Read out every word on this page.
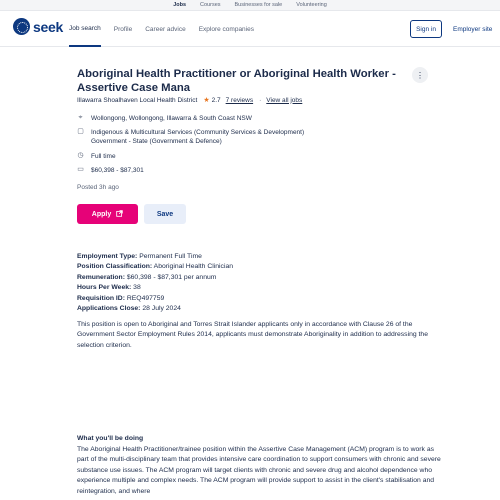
Jobs	Courses	Businesses for sale	Volunteering
seek Job search Profile Career advice Explore companies	Sign in	Employer site
Aboriginal Health Practitioner or Aboriginal Health Worker - Assertive Case Mana
⋮
Illawarra Shoalhaven Local Health District ★ 2.7 7 reviews · View all jobs
⌖ Wollongong, Wollongong, Illawarra & South Coast NSW
▢ Indigenous & Multicultural Services (Community Services & Development)
Government - State (Government & Defence)
◷ Full time
▭ $60,398 - $87,301
Posted 3h ago
Apply	Save
Employment Type: Permanent Full Time
Position Classification: Aboriginal Health Clinician
Remuneration: $60,398 - $87,301 per annum
Hours Per Week: 38
Requisition ID: REQ497759
Applications Close: 28 July 2024

This position is open to Aboriginal and Torres Strait Islander applicants only in accordance with Clause 26 of the Government Sector Employment Rules 2014, applicants must demonstrate Aboriginality in addition to addressing the selection criterion.

What you'll be doing

The Aboriginal Health Practitioner/trainee position within the Assertive Case Management (ACM) program is to work as part of the multi-disciplinary team that provides intensive care coordination to support consumers with chronic and severe substance use issues. The ACM program will target clients with chronic and severe drug and alcohol dependence who experience multiple and complex needs. The ACM program will provide support to assist in the client's stabilisation and reintegration, and where
